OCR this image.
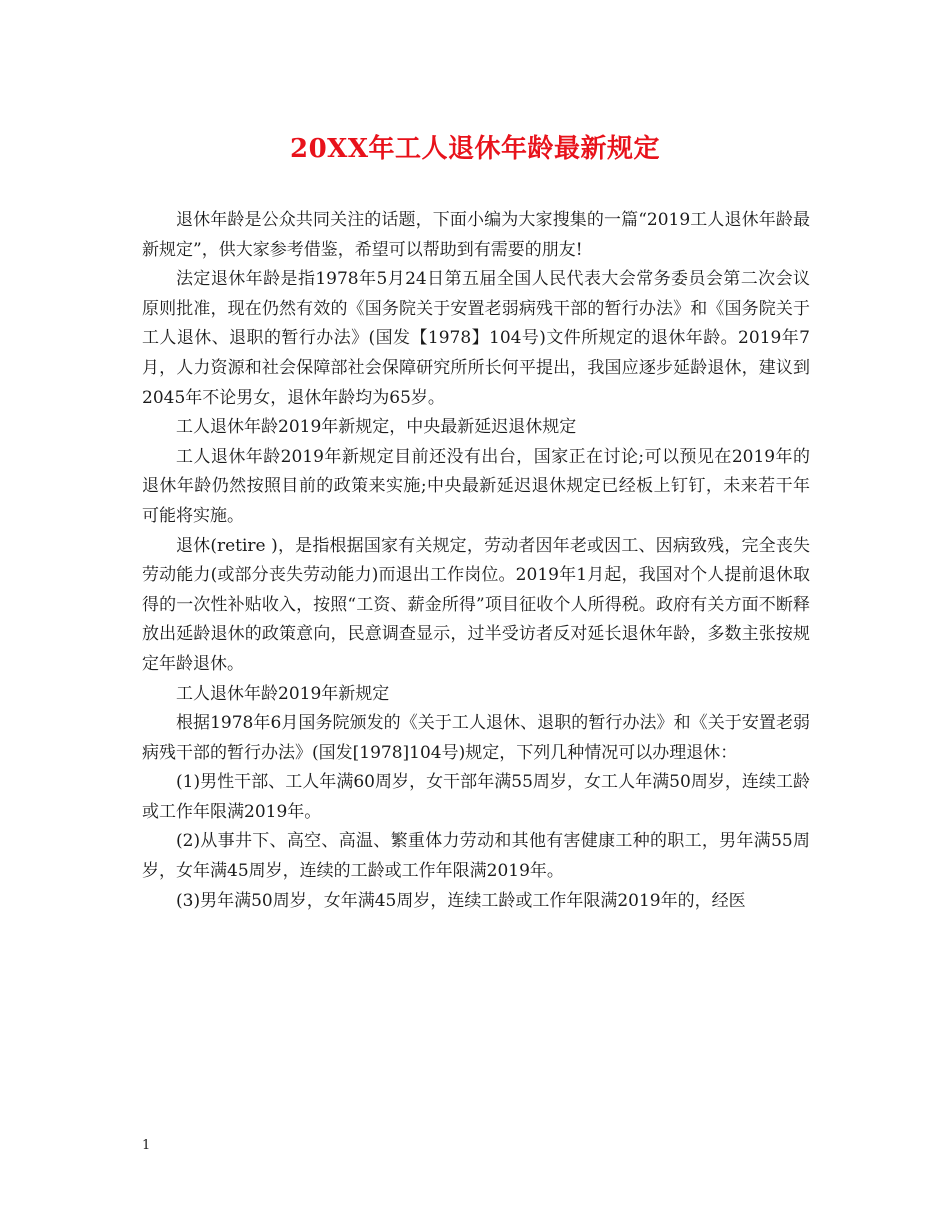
20XX年工人退休年龄最新规定

退休年龄是公众共同关注的话题，下面小编为大家搜集的一篇“2019工人退休年龄最新规定”，供大家参考借鉴，希望可以帮助到有需要的朋友!

法定退休年龄是指1978年5月24日第五届全国人民代表大会常务委员会第二次会议原则批准，现在仍然有效的《国务院关于安置老弱病残干部的暂行办法》和《国务院关于工人退休、退职的暂行办法》(国发【1978】104号)文件所规定的退休年龄。2019年7月，人力资源和社会保障部社会保障研究所所长何平提出，我国应逐步延龄退休，建议到2045年不论男女，退休年龄均为65岁。

工人退休年龄2019年新规定，中央最新延迟退休规定

工人退休年龄2019年新规定目前还没有出台，国家正在讨论;可以预见在2019年的退休年龄仍然按照目前的政策来实施;中央最新延迟退休规定已经板上钉钉，未来若干年可能将实施。

退休(retire )，是指根据国家有关规定，劳动者因年老或因工、因病致残，完全丧失劳动能力(或部分丧失劳动能力)而退出工作岗位。2019年1月起，我国对个人提前退休取得的一次性补贴收入，按照“工资、薪金所得”项目征收个人所得税。政府有关方面不断释放出延龄退休的政策意向，民意调查显示，过半受访者反对延长退休年龄，多数主张按规定年龄退休。

工人退休年龄2019年新规定

根据1978年6月国务院颁发的《关于工人退休、退职的暂行办法》和《关于安置老弱病残干部的暂行办法》(国发[1978]104号)规定，下列几种情况可以办理退休：

(1)男性干部、工人年满60周岁，女干部年满55周岁，女工人年满50周岁，连续工龄或工作年限满2019年。

(2)从事井下、高空、高温、繁重体力劳动和其他有害健康工种的职工，男年满55周岁，女年满45周岁，连续的工龄或工作年限满2019年。

(3)男年满50周岁，女年满45周岁，连续工龄或工作年限满2019年的，经医

1
